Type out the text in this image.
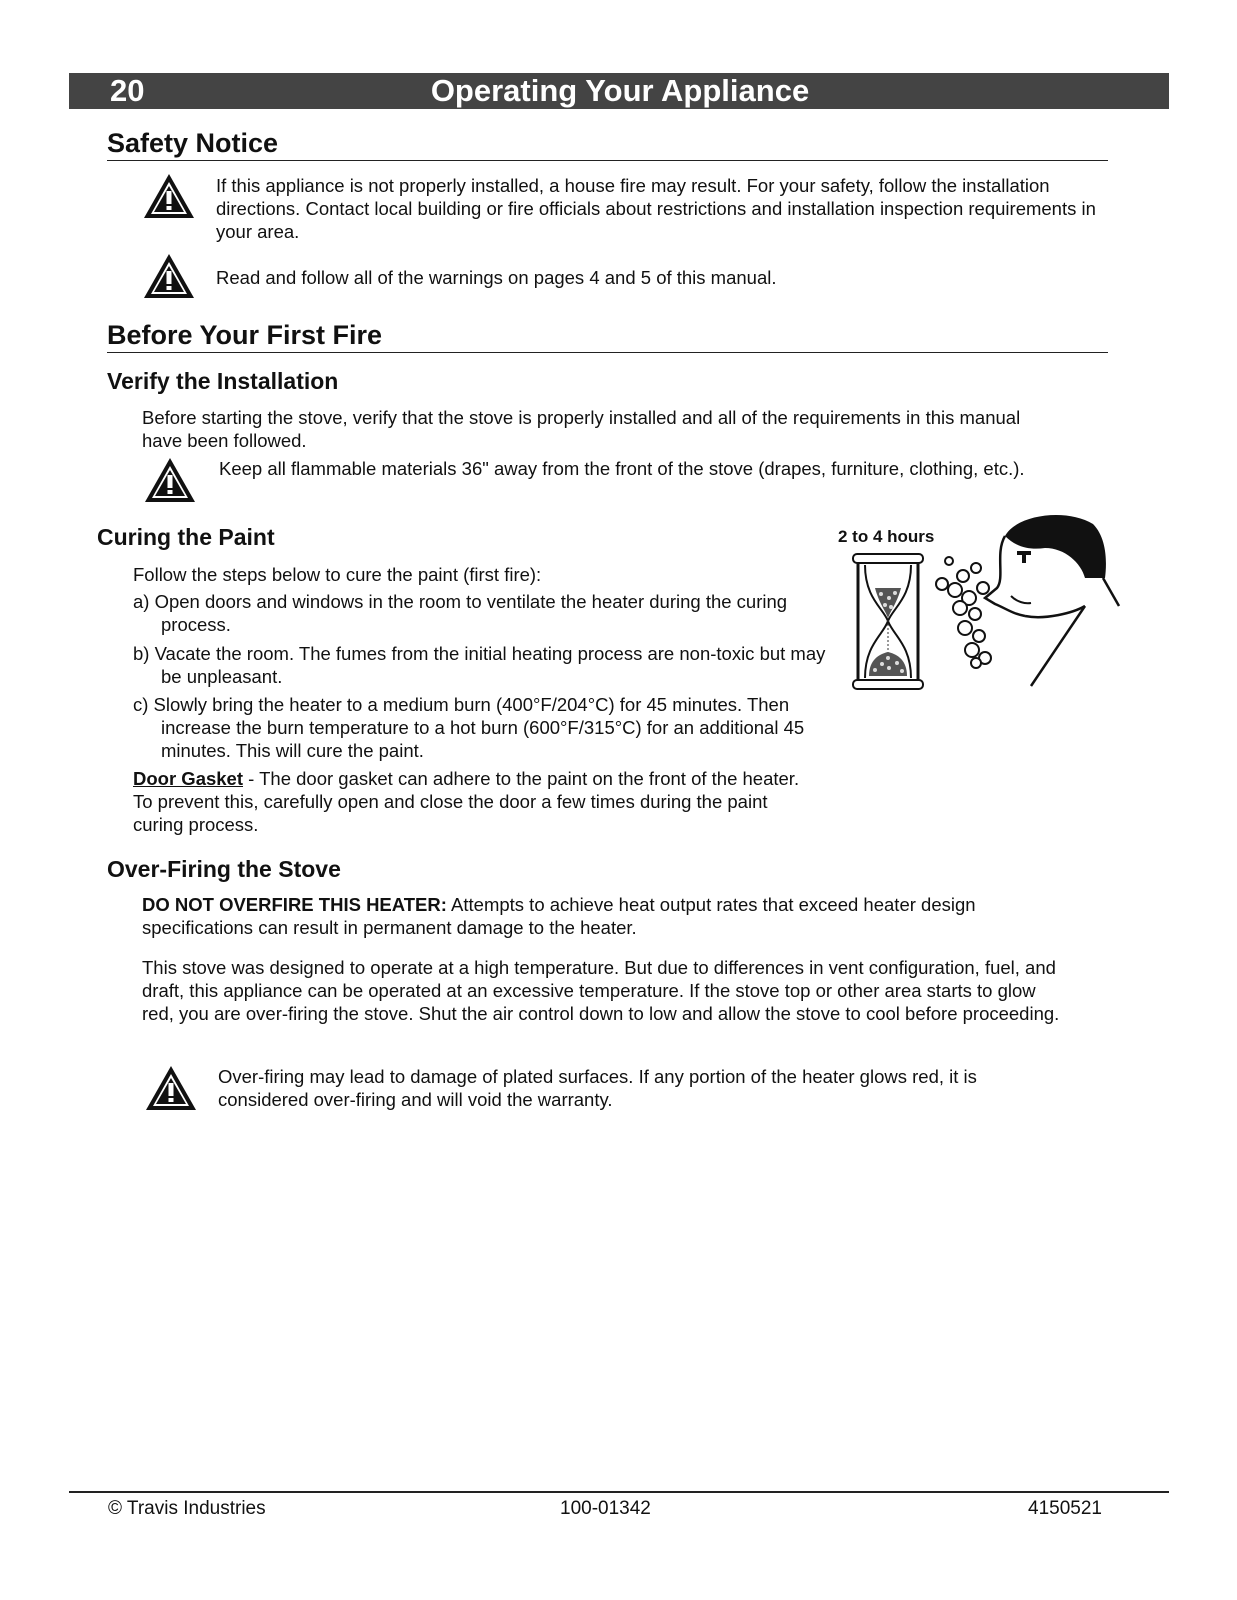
20	Operating Your Appliance
Safety Notice
If this appliance is not properly installed, a house fire may result. For your safety, follow the installation directions. Contact local building or fire officials about restrictions and installation inspection requirements in your area.
Read and follow all of the warnings on pages 4 and 5 of this manual.
Before Your First Fire
Verify the Installation
Before starting the stove, verify that the stove is properly installed and all of the requirements in this manual have been followed.
Keep all flammable materials 36" away from the front of the stove (drapes, furniture, clothing, etc.).
Curing the Paint
Follow the steps below to cure the paint (first fire):
a) Open doors and windows in the room to ventilate the heater during the curing process.
b) Vacate the room. The fumes from the initial heating process are non-toxic but may be unpleasant.
c) Slowly bring the heater to a medium burn (400°F/204°C) for 45 minutes. Then increase the burn temperature to a hot burn (600°F/315°C) for an additional 45 minutes. This will cure the paint.
Door Gasket - The door gasket can adhere to the paint on the front of the heater. To prevent this, carefully open and close the door a few times during the paint curing process.
2 to 4 hours
Over-Firing the Stove
DO NOT OVERFIRE THIS HEATER: Attempts to achieve heat output rates that exceed heater design specifications can result in permanent damage to the heater.
This stove was designed to operate at a high temperature. But due to differences in vent configuration, fuel, and draft, this appliance can be operated at an excessive temperature. If the stove top or other area starts to glow red, you are over-firing the stove. Shut the air control down to low and allow the stove to cool before proceeding.
Over-firing may lead to damage of plated surfaces. If any portion of the heater glows red, it is considered over-firing and will void the warranty.
© Travis Industries	100-01342	4150521
